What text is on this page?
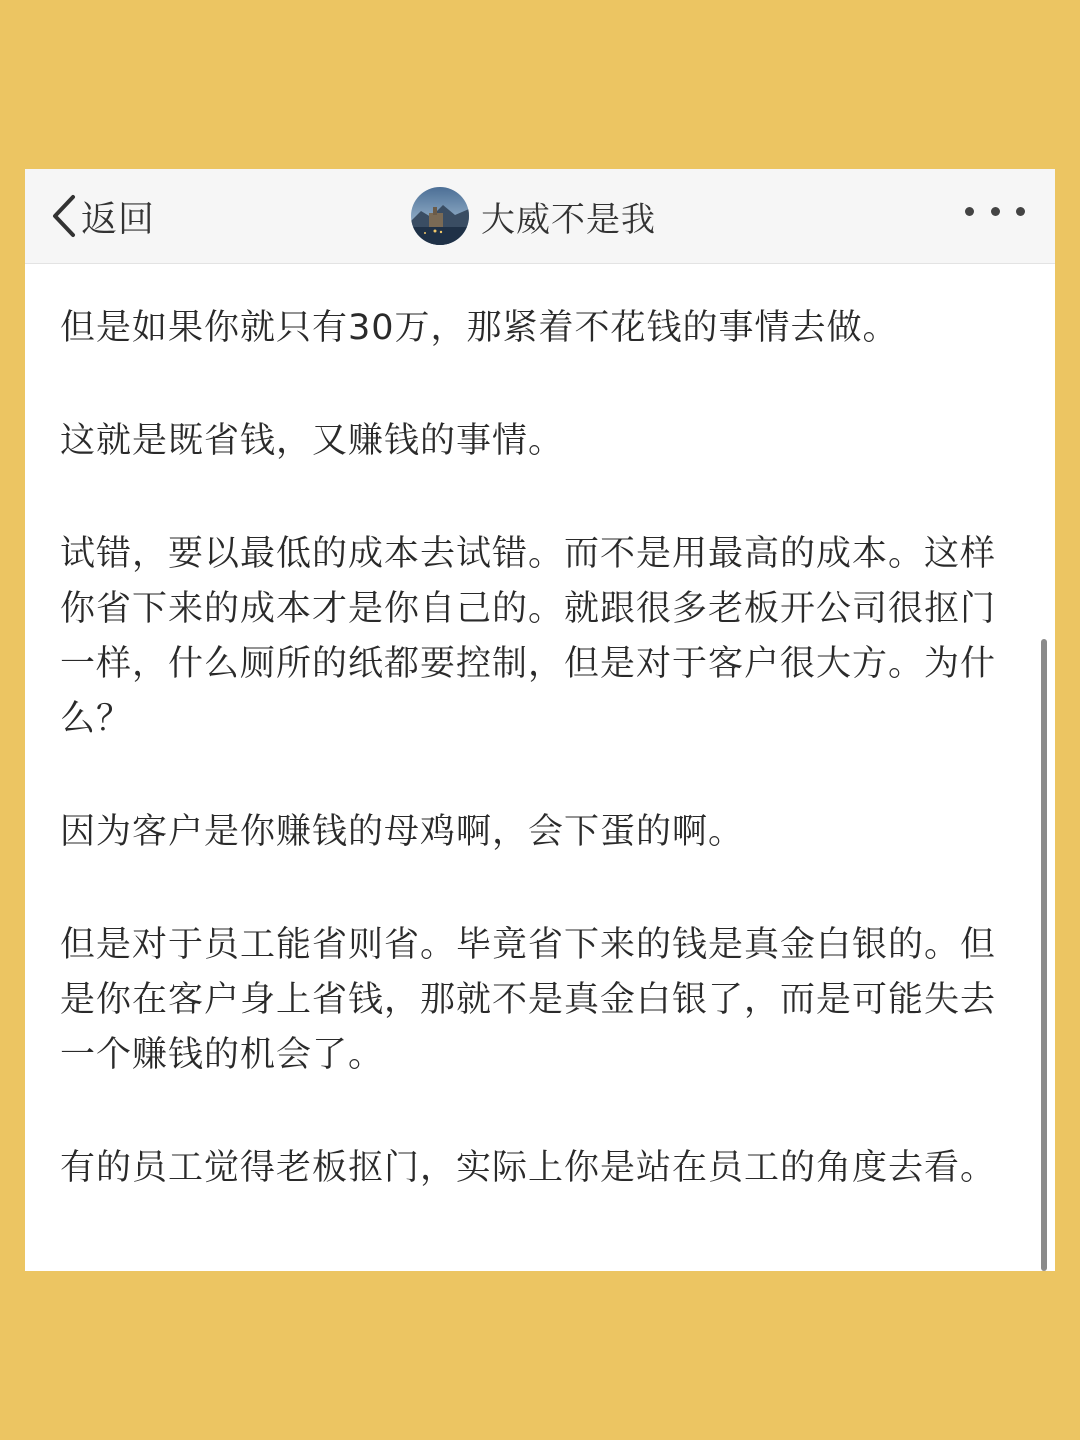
返回	大威不是我

但是如果你就只有30万，那紧着不花钱的事情去做。

这就是既省钱，又赚钱的事情。

试错，要以最低的成本去试错。而不是用最高的成本。这样你省下来的成本才是你自己的。就跟很多老板开公司很抠门一样，什么厕所的纸都要控制，但是对于客户很大方。为什么？

因为客户是你赚钱的母鸡啊，会下蛋的啊。

但是对于员工能省则省。毕竟省下来的钱是真金白银的。但是你在客户身上省钱，那就不是真金白银了，而是可能失去一个赚钱的机会了。

有的员工觉得老板抠门，实际上你是站在员工的角度去看。
